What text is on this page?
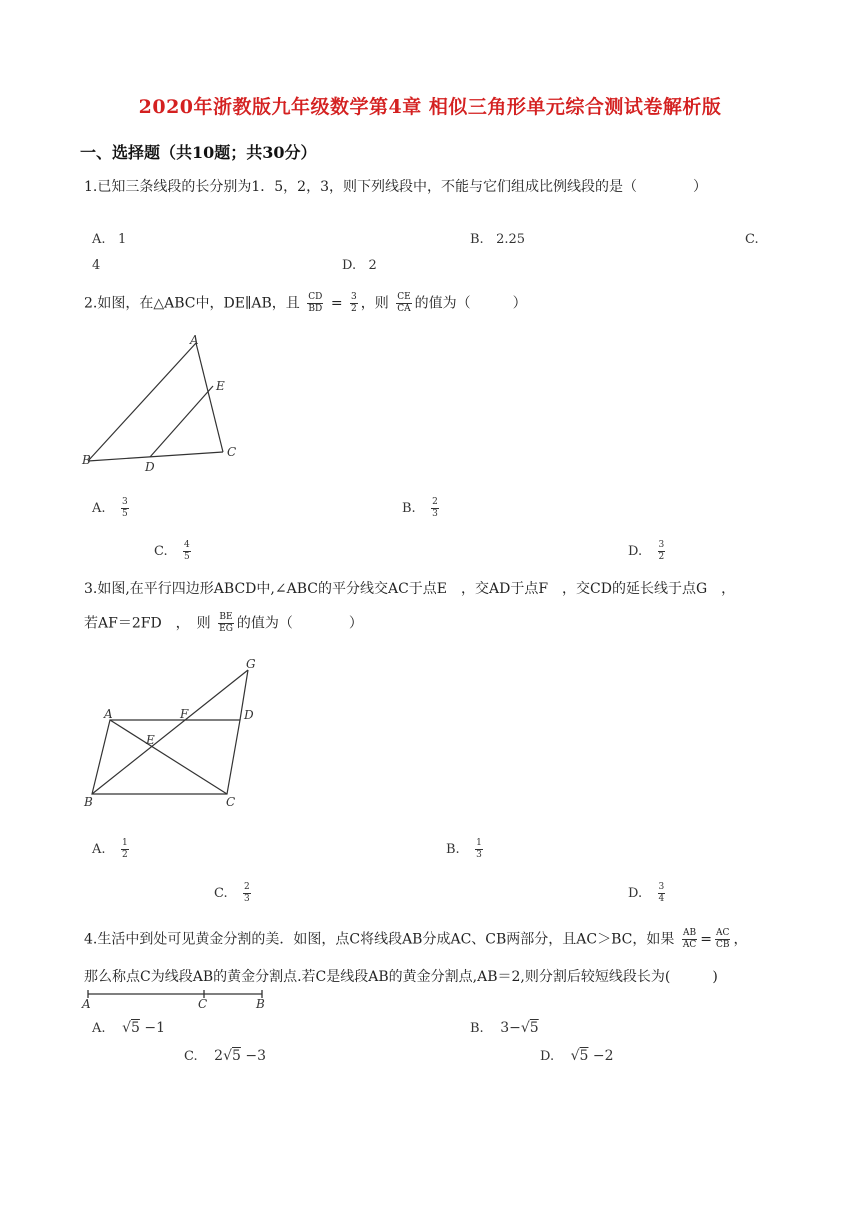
2020年浙教版九年级数学第4章 相似三角形单元综合测试卷解析版
一、选择题（共10题；共30分）
1.已知三条线段的长分别为1．5，2，3，则下列线段中，不能与它们组成比例线段的是（　　　　）
A. 1	B. 2.25	C.
4	D. 2
2.如图，在△ABC中，DE∥AB，且 $\frac{CD}{BD} = \frac{3}{2}$ ，则 $\frac{CE}{CA}$ 的值为（　　　）
A
E
B	D
C
A. $\frac{3}{5}$	B. $\frac{2}{3}$
C. $\frac{4}{5}$	D. $\frac{3}{2}$
3.如图,在平行四边形ABCD中,∠ABC的平分线交AC于点E　，交AD于点F　，交CD的延长线于点G　，
若AF＝2FD　，　则 $\frac{BE}{EG}$ 的值为（　　　　）
G
A	F	D
E
B	C
A. $\frac{1}{2}$	B. $\frac{1}{3}$
C. $\frac{2}{3}$	D. $\frac{3}{4}$
4.生活中到处可见黄金分割的美．如图，点C将线段AB分成AC、CB两部分，且AC＞BC，如果 $\frac{AB}{AC} = \frac{AC}{CB}$ ，
那么称点C为线段AB的黄金分割点.若C是线段AB的黄金分割点,AB＝2,则分割后较短线段长为(　　　)
A	C	B
A. √5 −1	B. 3−√5
C. 2√5 −3	D. √5 −2
